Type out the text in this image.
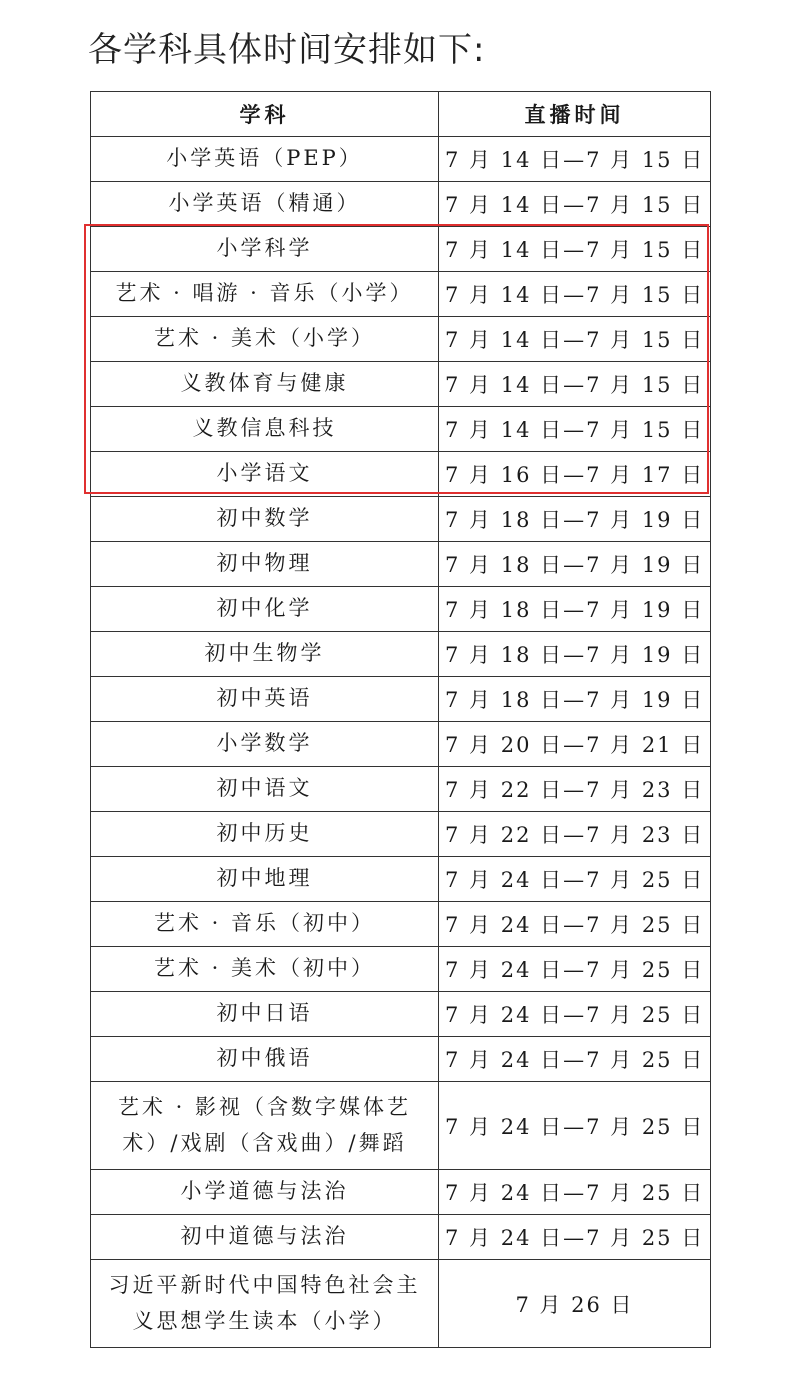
各学科具体时间安排如下:
学科	直播时间
小学英语（PEP）	7 月 14 日—7 月 15 日
小学英语（精通）	7 月 14 日—7 月 15 日
小学科学	7 月 14 日—7 月 15 日
艺术 · 唱游 · 音乐（小学）	7 月 14 日—7 月 15 日
艺术 · 美术（小学）	7 月 14 日—7 月 15 日
义教体育与健康	7 月 14 日—7 月 15 日
义教信息科技	7 月 14 日—7 月 15 日
小学语文	7 月 16 日—7 月 17 日
初中数学	7 月 18 日—7 月 19 日
初中物理	7 月 18 日—7 月 19 日
初中化学	7 月 18 日—7 月 19 日
初中生物学	7 月 18 日—7 月 19 日
初中英语	7 月 18 日—7 月 19 日
小学数学	7 月 20 日—7 月 21 日
初中语文	7 月 22 日—7 月 23 日
初中历史	7 月 22 日—7 月 23 日
初中地理	7 月 24 日—7 月 25 日
艺术 · 音乐（初中）	7 月 24 日—7 月 25 日
艺术 · 美术（初中）	7 月 24 日—7 月 25 日
初中日语	7 月 24 日—7 月 25 日
初中俄语	7 月 24 日—7 月 25 日
艺术 · 影视（含数字媒体艺术）/戏剧（含戏曲）/舞蹈	7 月 24 日—7 月 25 日
小学道德与法治	7 月 24 日—7 月 25 日
初中道德与法治	7 月 24 日—7 月 25 日
习近平新时代中国特色社会主义思想学生读本（小学）	7 月 26 日
